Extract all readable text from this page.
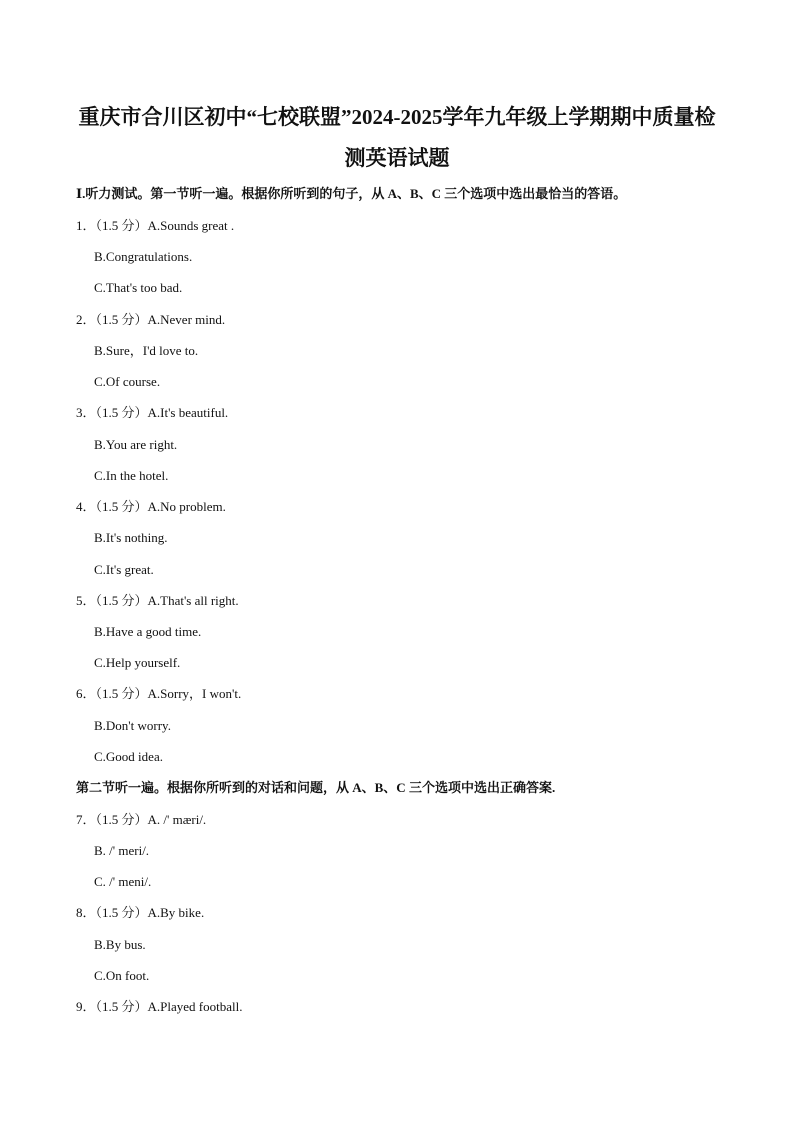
重庆市合川区初中“七校联盟”2024-2025学年九年级上学期期中质量检
测英语试题
Ⅰ.听力测试。第一节听一遍。根据你所听到的句子，从 A、B、C 三个选项中选出最恰当的答语。
1．（1.5 分）A.Sounds great .
B.Congratulations.
C.That's too bad.
2．（1.5 分）A.Never mind.
B.Sure，I'd love to.
C.Of course.
3．（1.5 分）A.It's beautiful.
B.You are right.
C.In the hotel.
4．（1.5 分）A.No problem.
B.It's nothing.
C.It's great.
5．（1.5 分）A.That's all right.
B.Have a good time.
C.Help yourself.
6．（1.5 分）A.Sorry，I won't.
B.Don't worry.
C.Good idea.
第二节听一遍。根据你所听到的对话和问题，从 A、B、C 三个选项中选出正确答案.
7．（1.5 分）A. /' mæri/.
B. /' meri/.
C. /' meni/.
8．（1.5 分）A.By bike.
B.By bus.
C.On foot.
9．（1.5 分）A.Played football.
